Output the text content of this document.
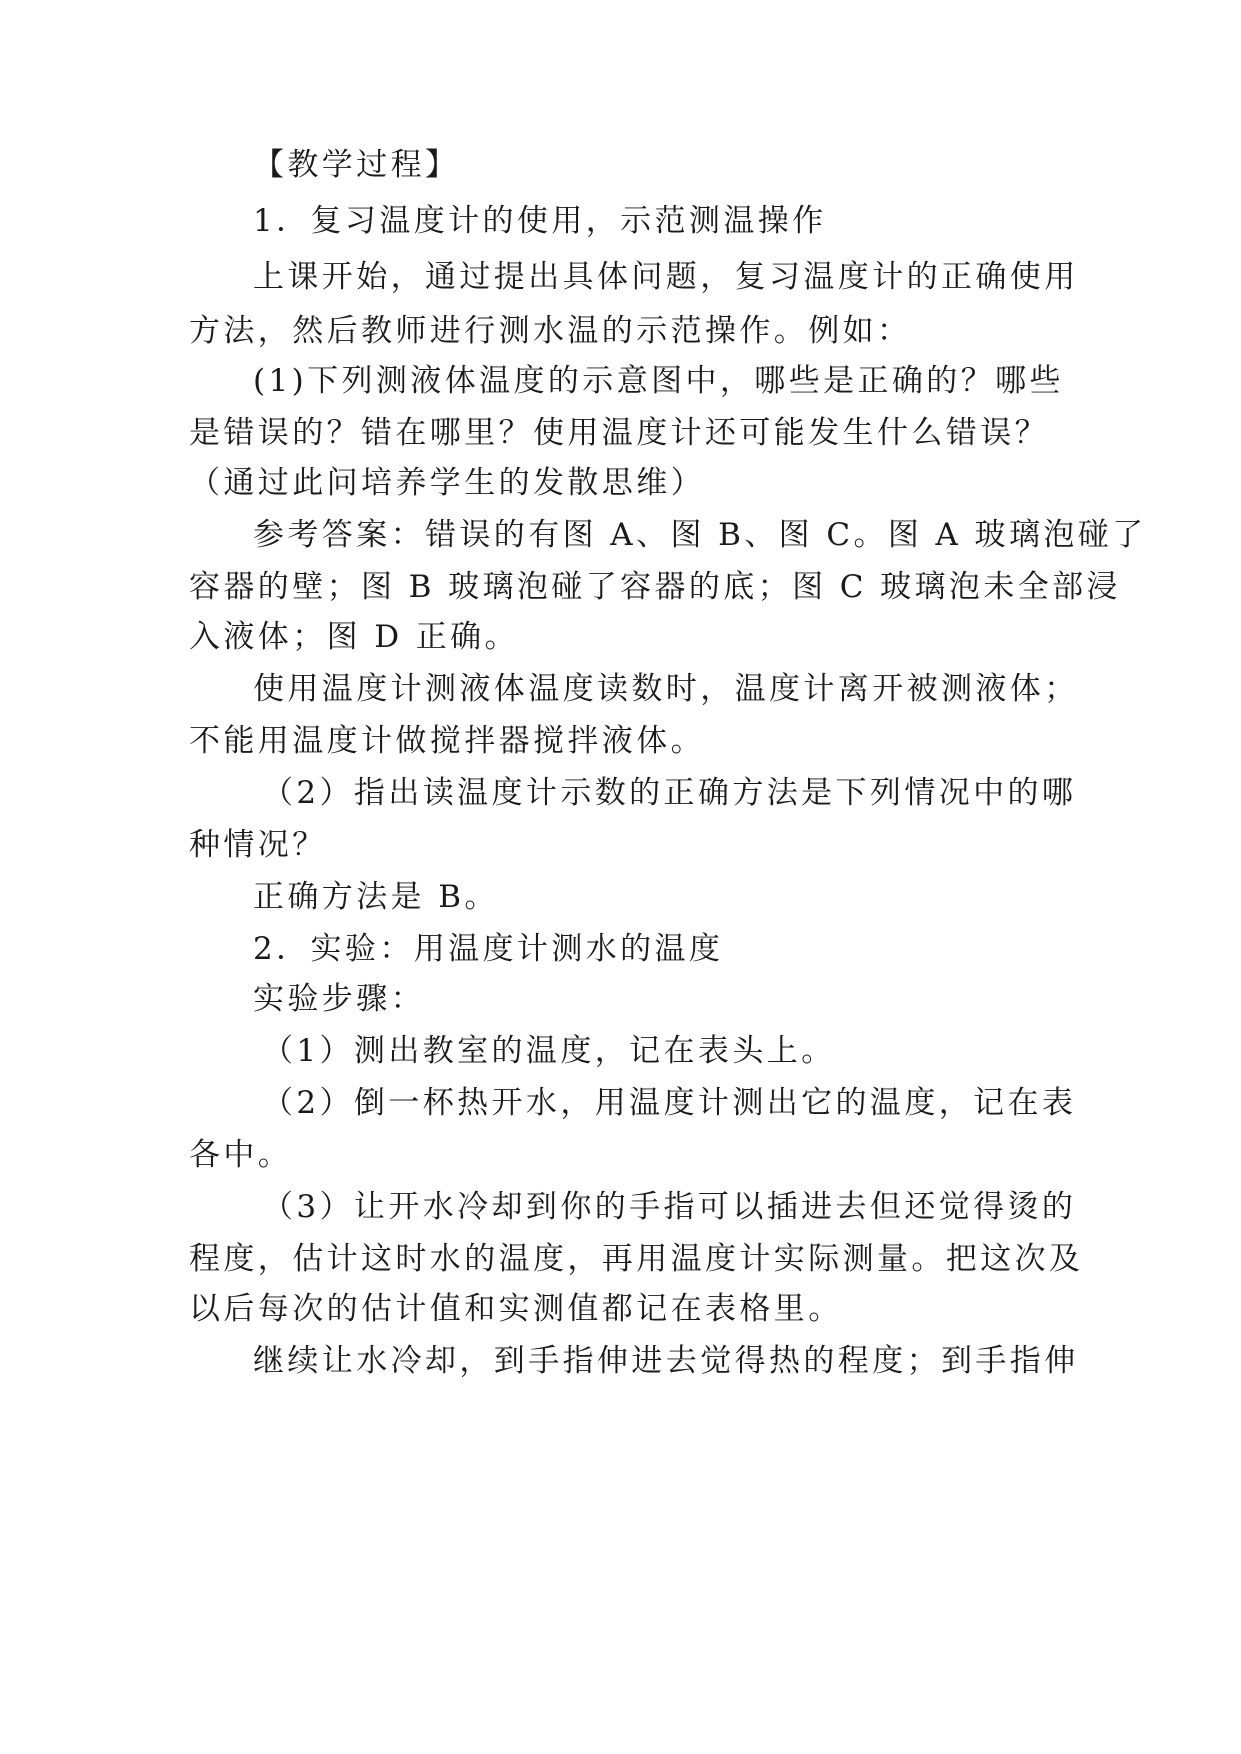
【教学过程】
1．复习温度计的使用，示范测温操作
上课开始，通过提出具体问题，复习温度计的正确使用
方法，然后教师进行测水温的示范操作。例如：
(1)下列测液体温度的示意图中，哪些是正确的？哪些
是错误的？错在哪里？使用温度计还可能发生什么错误？
（通过此问培养学生的发散思维）
参考答案：错误的有图 A、图 B、图 C。图 A 玻璃泡碰了
容器的壁；图 B 玻璃泡碰了容器的底；图 C 玻璃泡未全部浸
入液体；图 D 正确。
使用温度计测液体温度读数时，温度计离开被测液体；
不能用温度计做搅拌器搅拌液体。
（2）指出读温度计示数的正确方法是下列情况中的哪
种情况？
正确方法是 B。
2．实验：用温度计测水的温度
实验步骤：
（1）测出教室的温度，记在表头上。
（2）倒一杯热开水，用温度计测出它的温度，记在表
各中。
（3）让开水冷却到你的手指可以插进去但还觉得烫的
程度，估计这时水的温度，再用温度计实际测量。把这次及
以后每次的估计值和实测值都记在表格里。
继续让水冷却，到手指伸进去觉得热的程度；到手指伸
